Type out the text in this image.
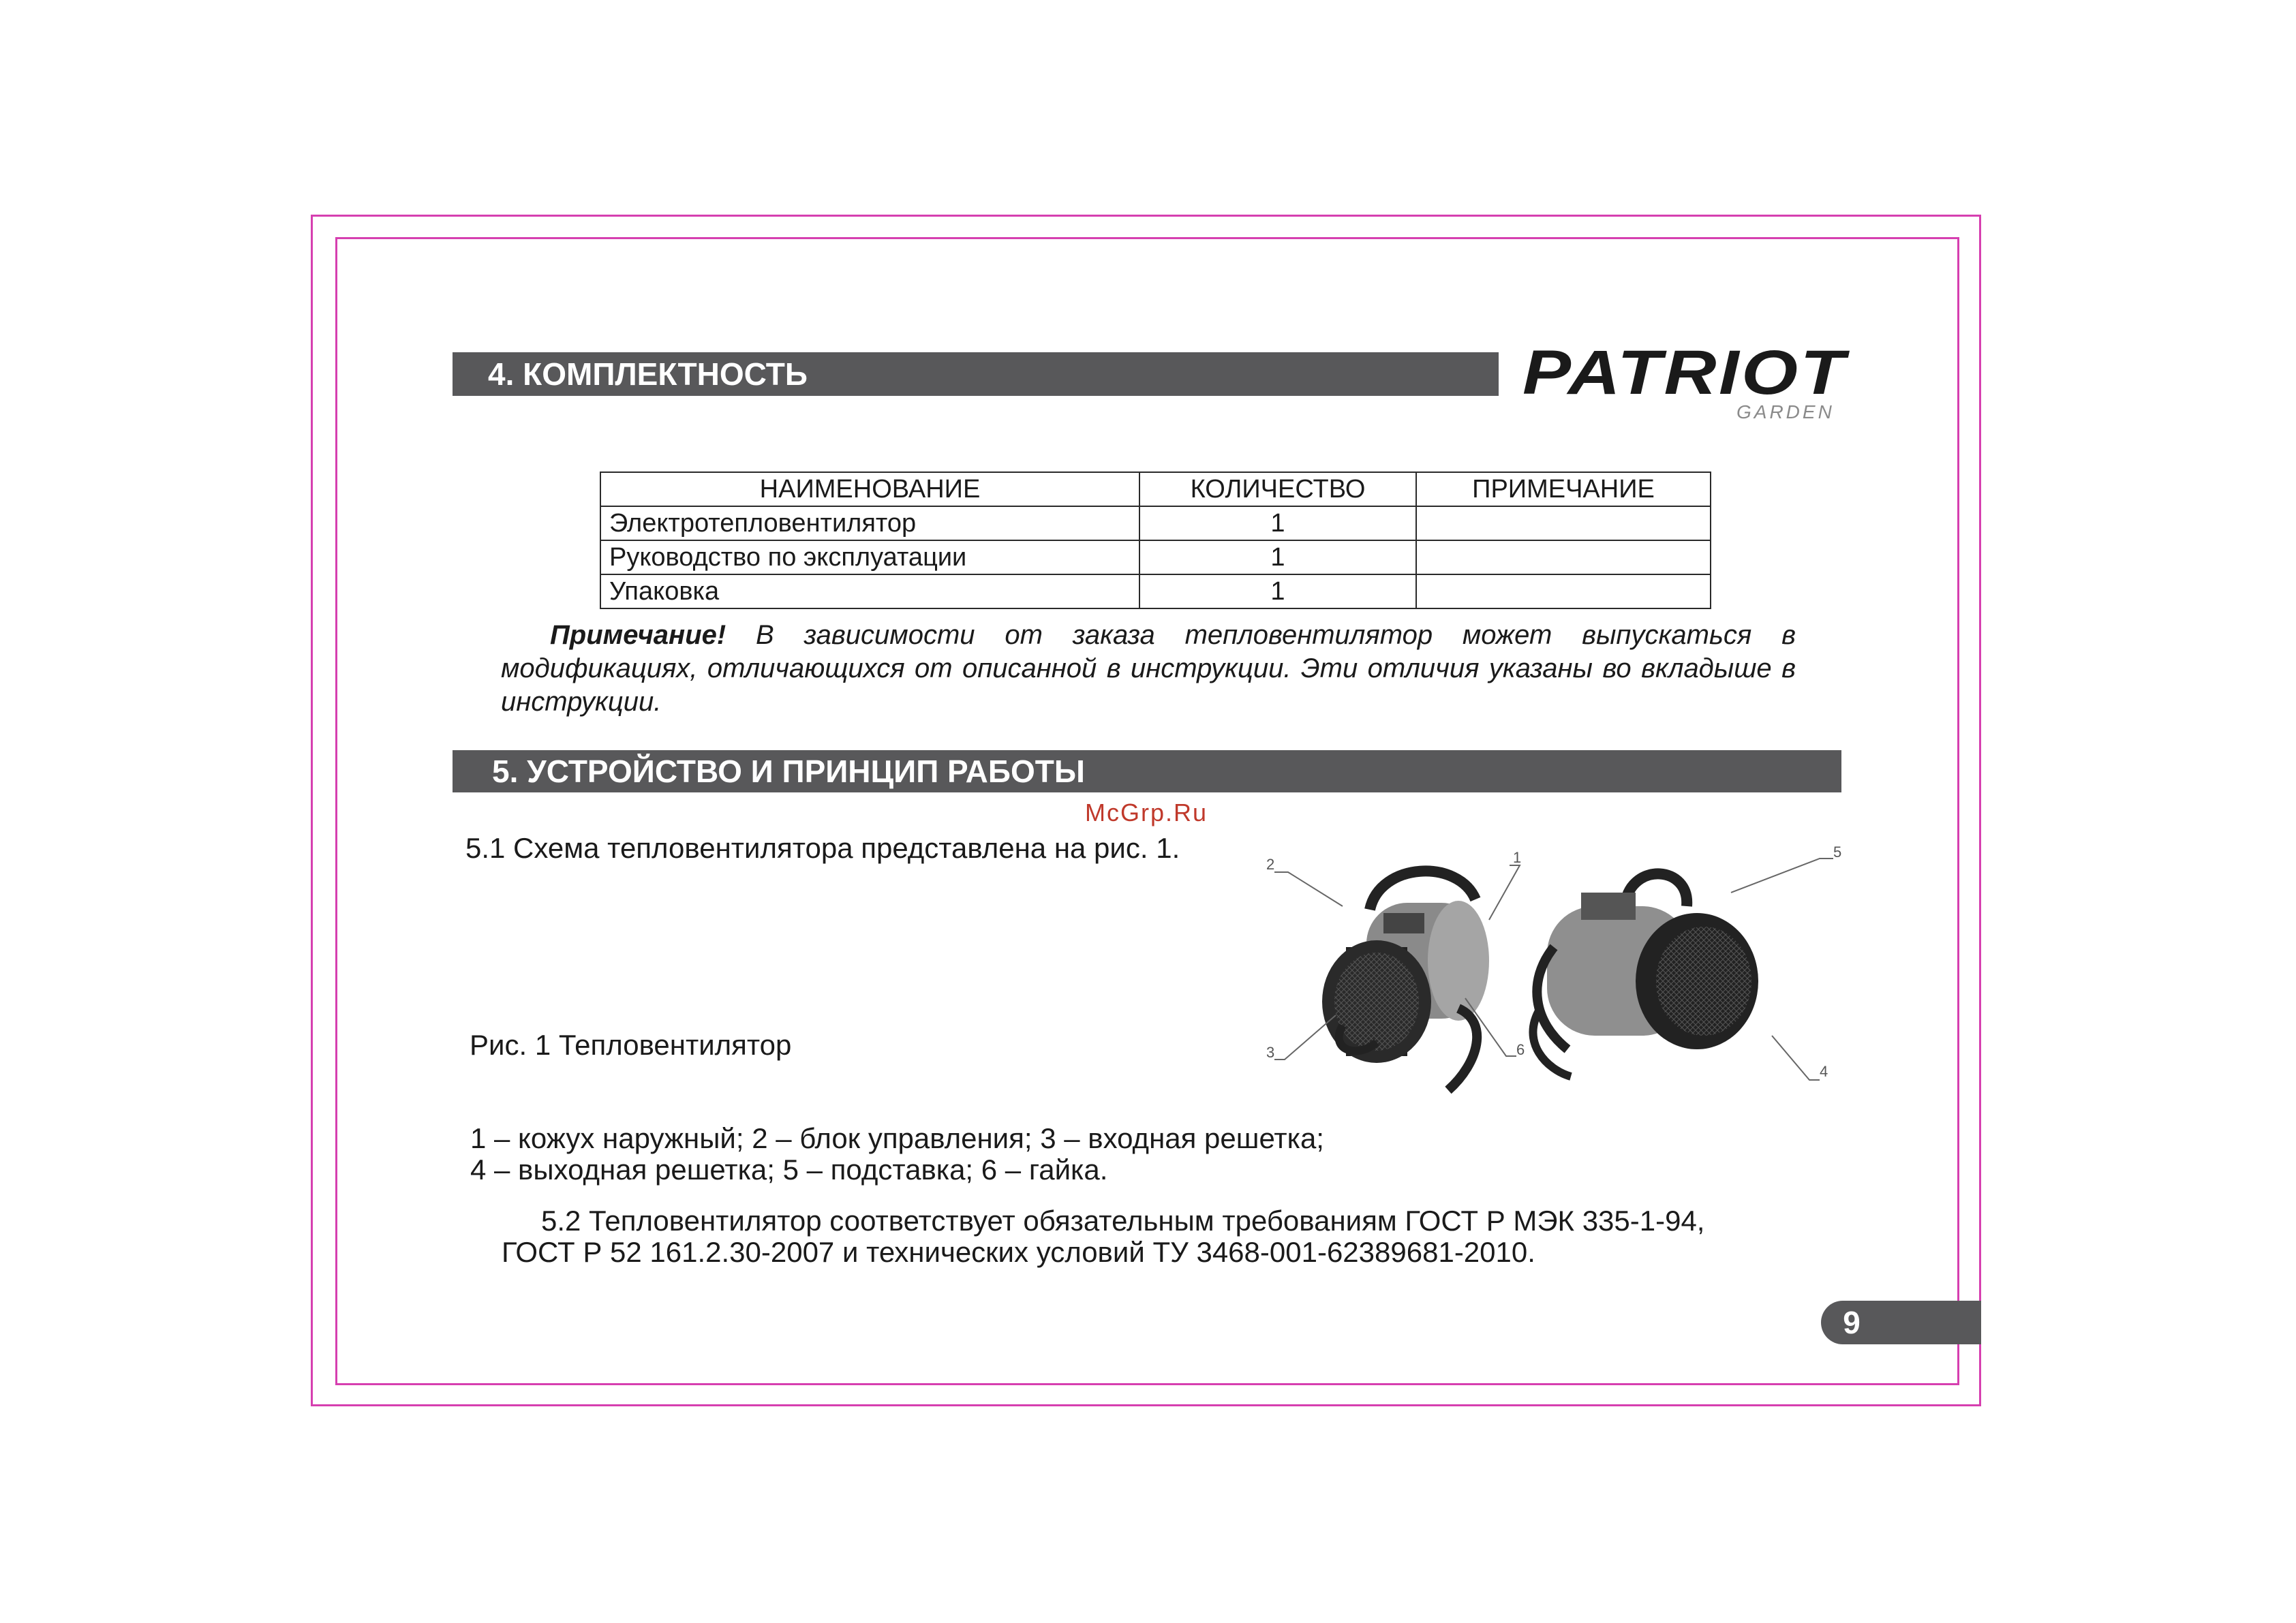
4. КОМПЛЕКТНОСТЬ	PATRIOT
GARDEN
НАИМЕНОВАНИЕ	КОЛИЧЕСТВО	ПРИМЕЧАНИЕ
Электротепловентилятор	1	
Руководство по эксплуатации	1	
Упаковка	1	
Примечание! В зависимости от заказа тепловентилятор может выпускаться в модификациях, отличающихся от описанной в инструкции. Эти отличия указаны во вкладыше в инструкции.
5. УСТРОЙСТВО И ПРИНЦИП РАБОТЫ
McGrp.Ru
5.1 Схема тепловентилятора представлена на рис. 1.	1
2
3
4
5
6
Рис. 1 Тепловентилятор
1 – кожух наружный; 2 – блок управления; 3 – входная решетка;
4 – выходная решетка; 5 – подставка; 6 – гайка.
5.2 Тепловентилятор соответствует обязательным требованиям ГОСТ Р МЭК 335-1-94,
ГОСТ Р 52 161.2.30-2007 и технических условий ТУ 3468-001-62389681-2010.
9
